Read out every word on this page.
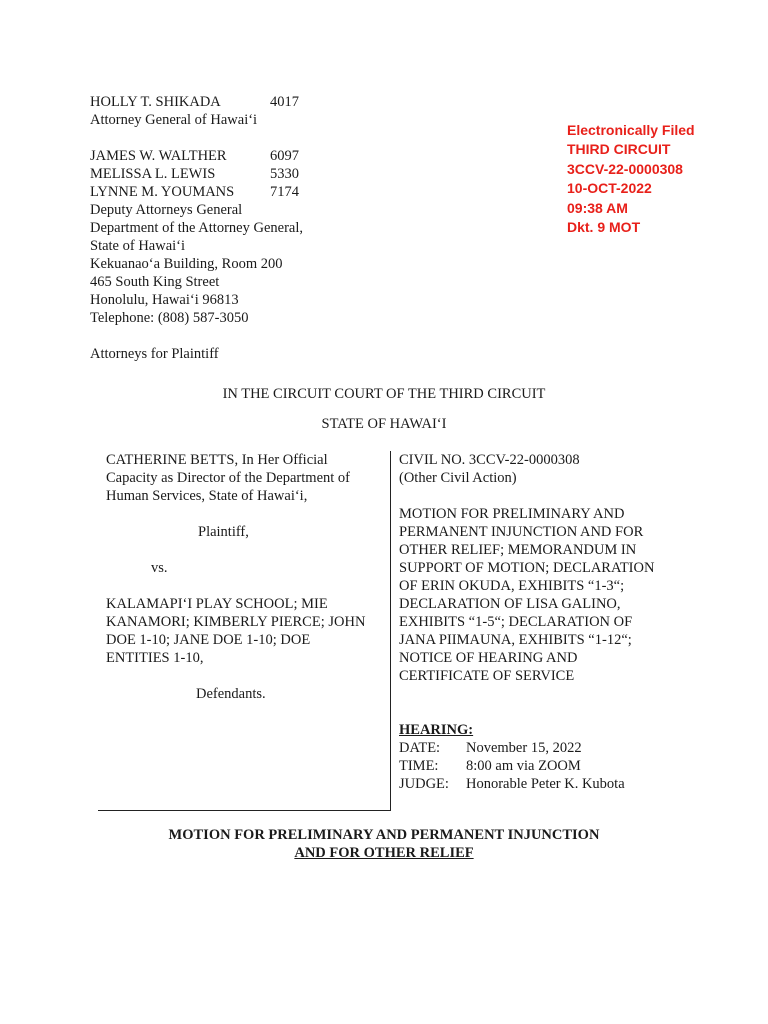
HOLLY T. SHIKADA	4017
Attorney General of Hawai‘i
JAMES W. WALTHER	6097
MELISSA L. LEWIS	5330
LYNNE M. YOUMANS	7174
Deputy Attorneys General
Department of the Attorney General,
State of Hawai‘i
Kekuanao‘a Building, Room 200
465 South King Street
Honolulu, Hawai‘i 96813
Telephone: (808) 587-3050
Attorneys for Plaintiff
Electronically Filed
THIRD CIRCUIT
3CCV-22-0000308
10-OCT-2022
09:38 AM
Dkt. 9 MOT
IN THE CIRCUIT COURT OF THE THIRD CIRCUIT
STATE OF HAWAI‘I
CATHERINE BETTS, In Her Official
Capacity as Director of the Department of
Human Services, State of Hawai‘i,
Plaintiff,
vs.
KALAMAPI‘I PLAY SCHOOL; MIE
KANAMORI; KIMBERLY PIERCE; JOHN
DOE 1-10; JANE DOE 1-10; DOE
ENTITIES 1-10,
Defendants.
CIVIL NO. 3CCV-22-0000308
(Other Civil Action)
MOTION FOR PRELIMINARY AND
PERMANENT INJUNCTION AND FOR
OTHER RELIEF; MEMORANDUM IN
SUPPORT OF MOTION; DECLARATION
OF ERIN OKUDA, EXHIBITS “1-3“;
DECLARATION OF LISA GALINO,
EXHIBITS “1-5“; DECLARATION OF
JANA PIIMAUNA, EXHIBITS “1-12“;
NOTICE OF HEARING AND
CERTIFICATE OF SERVICE
HEARING:
DATE:	November 15, 2022
TIME:	8:00 am via ZOOM
JUDGE:	Honorable Peter K. Kubota
MOTION FOR PRELIMINARY AND PERMANENT INJUNCTION
AND FOR OTHER RELIEF
